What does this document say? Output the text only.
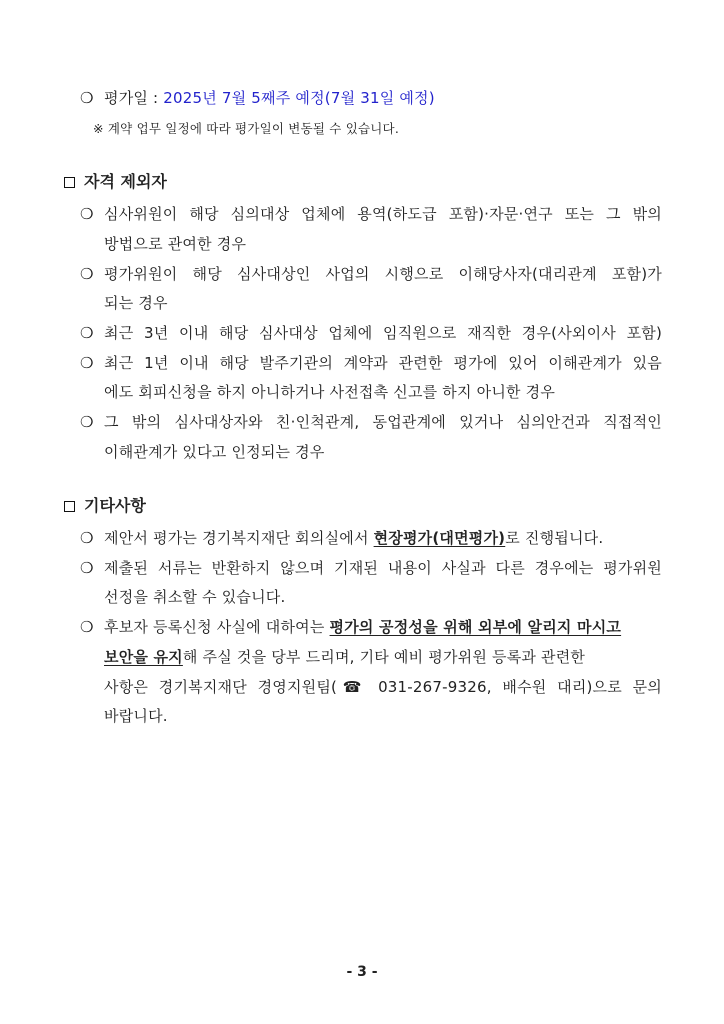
❍ 평가일 : 2025년 7월 5째주 예정(7월 31일 예정)
※ 계약 업무 일정에 따라 평가일이 변동될 수 있습니다.
자격 제외자
❍ 심사위원이 해당 심의대상 업체에 용역(하도급 포함)·자문·연구 또는 그 밖의
방법으로 관여한 경우
❍ 평가위원이 해당 심사대상인 사업의 시행으로 이해당사자(대리관계 포함)가
되는 경우
❍ 최근 3년 이내 해당 심사대상 업체에 임직원으로 재직한 경우(사외이사 포함)
❍ 최근 1년 이내 해당 발주기관의 계약과 관련한 평가에 있어 이해관계가 있음
에도 회피신청을 하지 아니하거나 사전접촉 신고를 하지 아니한 경우
❍ 그 밖의 심사대상자와 친·인척관계, 동업관계에 있거나 심의안건과 직접적인
이해관계가 있다고 인정되는 경우
기타사항
❍ 제안서 평가는 경기복지재단 회의실에서 현장평가(대면평가)로 진행됩니다.
❍ 제출된 서류는 반환하지 않으며 기재된 내용이 사실과 다른 경우에는 평가위원
선정을 취소할 수 있습니다.
❍ 후보자 등록신청 사실에 대하여는 평가의 공정성을 위해 외부에 알리지 마시고
보안을 유지해 주실 것을 당부 드리며, 기타 예비 평가위원 등록과 관련한
사항은 경기복지재단 경영지원팀(☎ 031-267-9326, 배수원 대리)으로 문의
바랍니다.
- 3 -
